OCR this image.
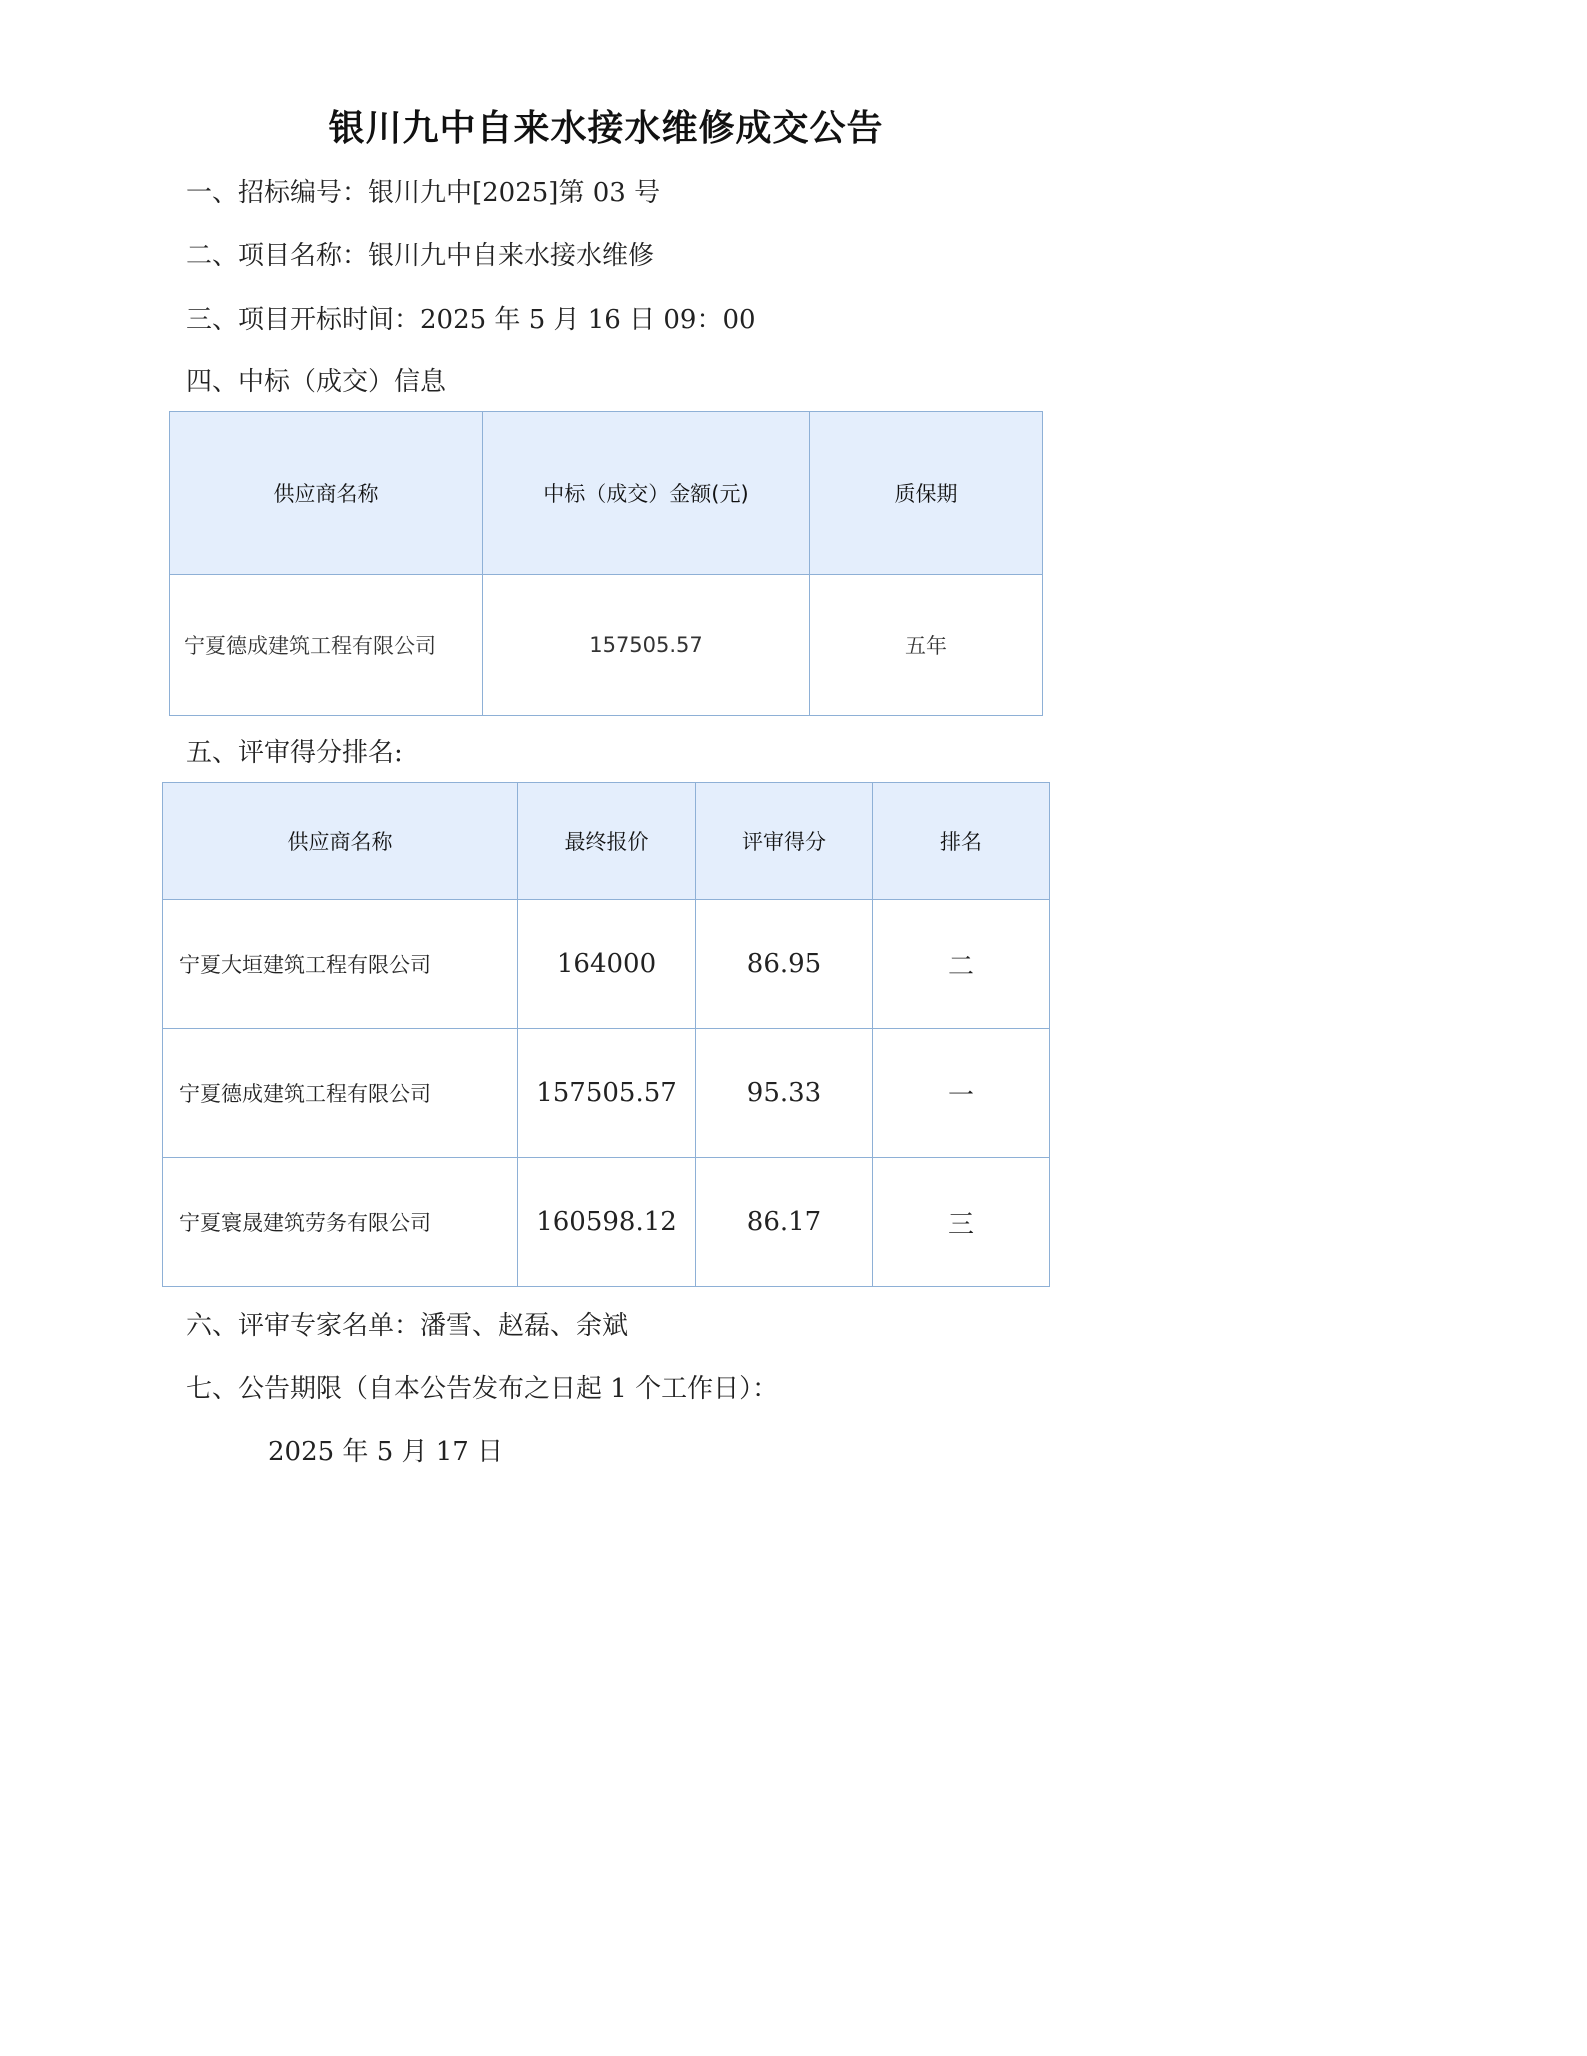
银川九中自来水接水维修成交公告
一、招标编号：银川九中[2025]第 03 号
二、项目名称：银川九中自来水接水维修
三、项目开标时间：2025 年 5 月 16 日 09：00
四、中标（成交）信息
供应商名称	中标（成交）金额(元)	质保期
宁夏德成建筑工程有限公司	157505.57	五年
五、评审得分排名:
供应商名称	最终报价	评审得分	排名
宁夏大垣建筑工程有限公司	164000	86.95	二
宁夏德成建筑工程有限公司	157505.57	95.33	一
宁夏寰晟建筑劳务有限公司	160598.12	86.17	三
六、评审专家名单：潘雪、赵磊、余斌
七、公告期限（自本公告发布之日起 1 个工作日）：
2025 年 5 月 17 日
